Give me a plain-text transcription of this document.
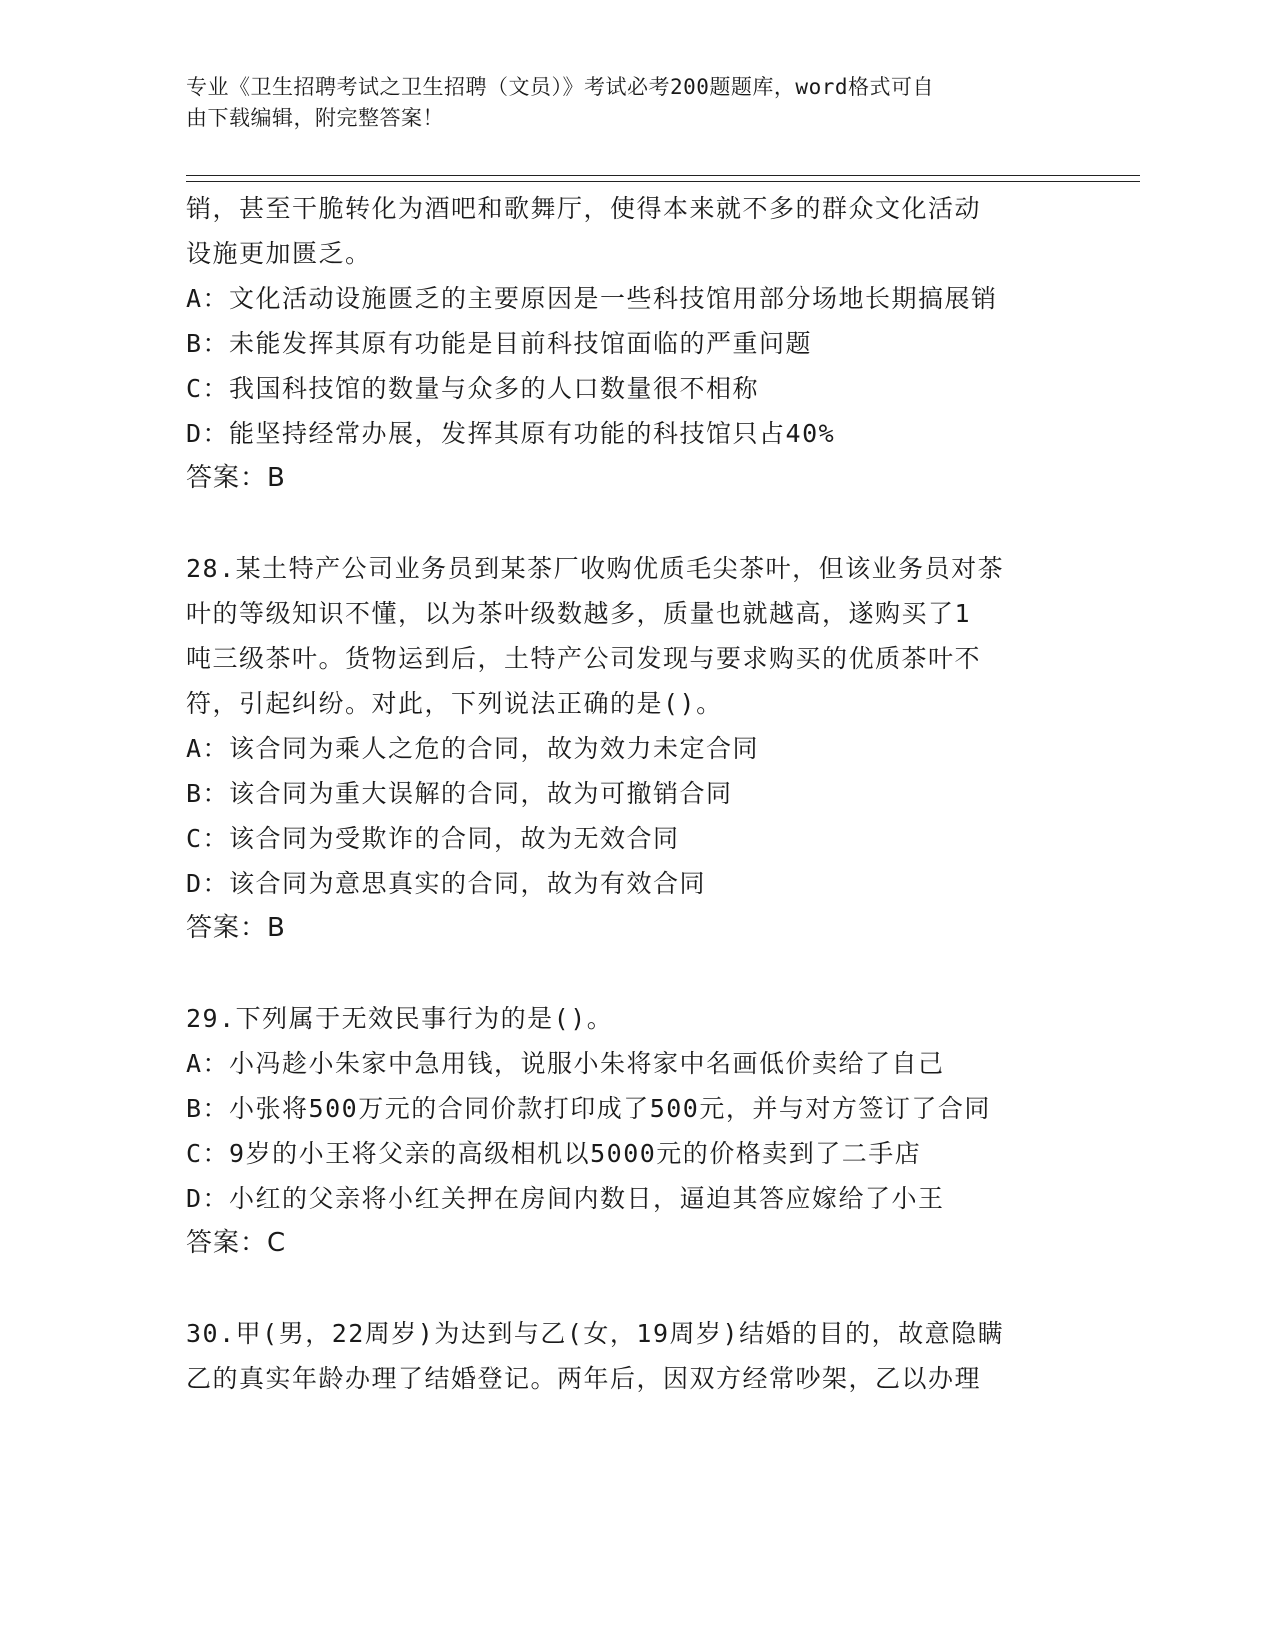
专业《卫生招聘考试之卫生招聘（文员）》考试必考200题题库，word格式可自
由下载编辑，附完整答案！

销，甚至干脆转化为酒吧和歌舞厅，使得本来就不多的群众文化活动

设施更加匮乏。

A：文化活动设施匮乏的主要原因是一些科技馆用部分场地长期搞展销

B：未能发挥其原有功能是目前科技馆面临的严重问题

C：我国科技馆的数量与众多的人口数量很不相称

D：能坚持经常办展，发挥其原有功能的科技馆只占40%

答案：B

28.某土特产公司业务员到某茶厂收购优质毛尖茶叶，但该业务员对茶

叶的等级知识不懂，以为茶叶级数越多，质量也就越高，遂购买了1

吨三级茶叶。货物运到后，土特产公司发现与要求购买的优质茶叶不

符，引起纠纷。对此，下列说法正确的是()。

A：该合同为乘人之危的合同，故为效力未定合同

B：该合同为重大误解的合同，故为可撤销合同

C：该合同为受欺诈的合同，故为无效合同

D：该合同为意思真实的合同，故为有效合同

答案：B

29.下列属于无效民事行为的是()。

A：小冯趁小朱家中急用钱，说服小朱将家中名画低价卖给了自己

B：小张将500万元的合同价款打印成了500元，并与对方签订了合同

C：9岁的小王将父亲的高级相机以5000元的价格卖到了二手店

D：小红的父亲将小红关押在房间内数日，逼迫其答应嫁给了小王

答案：C

30.甲(男，22周岁)为达到与乙(女，19周岁)结婚的目的，故意隐瞒

乙的真实年龄办理了结婚登记。两年后，因双方经常吵架，乙以办理
